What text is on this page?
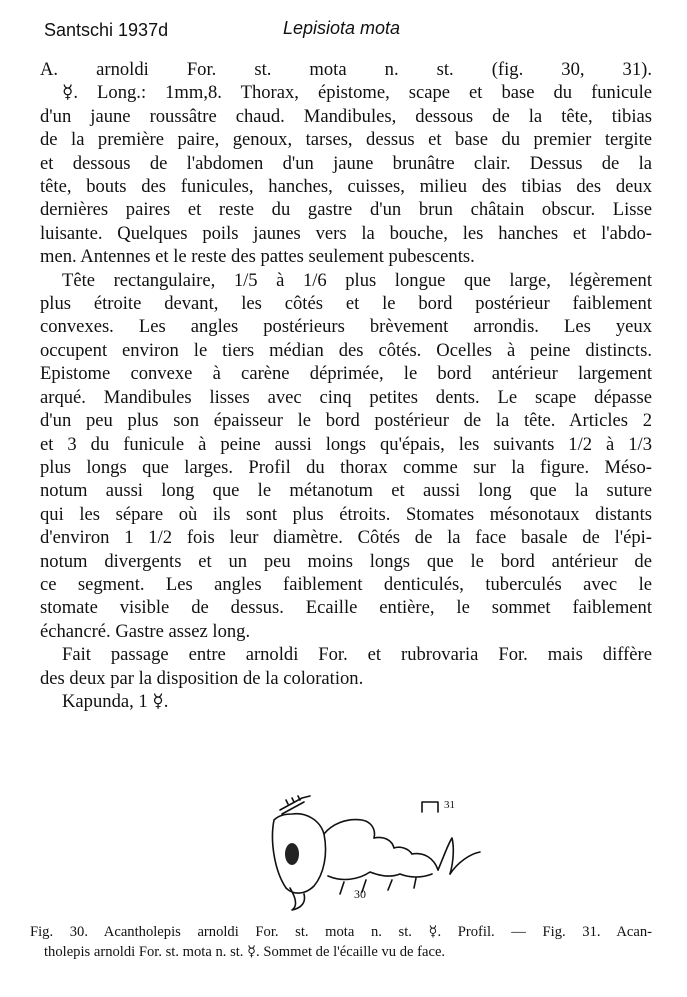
Santschi 1937d	Lepisiota mota
A. arnoldi For. st. mota n. st. (fig. 30, 31).
☿. Long.: 1mm,8. Thorax, épistome, scape et base du funicule
d'un jaune roussâtre chaud. Mandibules, dessous de la tête, tibias
de la première paire, genoux, tarses, dessus et base du premier tergite
et dessous de l'abdomen d'un jaune brunâtre clair. Dessus de la
tête, bouts des funicules, hanches, cuisses, milieu des tibias des deux
dernières paires et reste du gastre d'un brun châtain obscur. Lisse
luisante. Quelques poils jaunes vers la bouche, les hanches et l'abdo-
men. Antennes et le reste des pattes seulement pubescents.
Tête rectangulaire, 1/5 à 1/6 plus longue que large, légèrement
plus étroite devant, les côtés et le bord postérieur faiblement
convexes. Les angles postérieurs brèvement arrondis. Les yeux
occupent environ le tiers médian des côtés. Ocelles à peine distincts.
Epistome convexe à carène déprimée, le bord antérieur largement
arqué. Mandibules lisses avec cinq petites dents. Le scape dépasse
d'un peu plus son épaisseur le bord postérieur de la tête. Articles 2
et 3 du funicule à peine aussi longs qu'épais, les suivants 1/2 à 1/3
plus longs que larges. Profil du thorax comme sur la figure. Méso-
notum aussi long que le métanotum et aussi long que la suture
qui les sépare où ils sont plus étroits. Stomates mésonotaux distants
d'environ 1 1/2 fois leur diamètre. Côtés de la face basale de l'épi-
notum divergents et un peu moins longs que le bord antérieur de
ce segment. Les angles faiblement denticulés, tuberculés avec le
stomate visible de dessus. Ecaille entière, le sommet faiblement
échancré. Gastre assez long.
Fait passage entre arnoldi For. et rubrovaria For. mais diffère
des deux par la disposition de la coloration.
Kapunda, 1 ☿.
30
31
Fig. 30. Acantholepis arnoldi For. st. mota n. st. ☿. Profil. — Fig. 31. Acan-
tholepis arnoldi For. st. mota n. st. ☿. Sommet de l'écaille vu de face.
